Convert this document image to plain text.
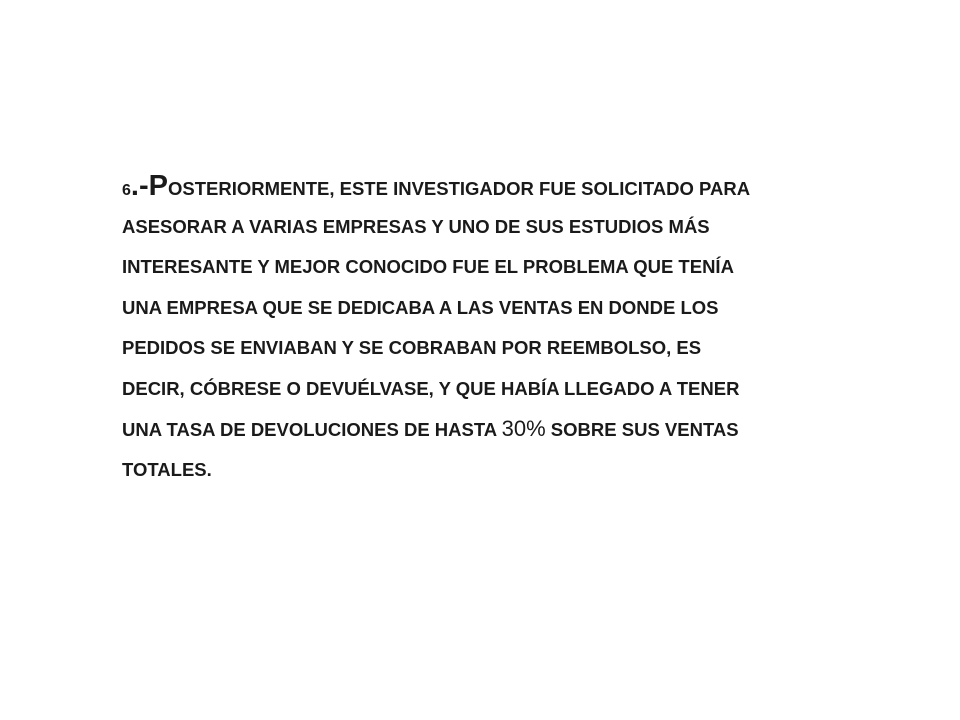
6.-POSTERIORMENTE, ESTE INVESTIGADOR FUE SOLICITADO PARA
ASESORAR A VARIAS EMPRESAS Y UNO DE SUS ESTUDIOS MÁS
INTERESANTE Y MEJOR CONOCIDO FUE EL PROBLEMA QUE TENÍA
UNA EMPRESA QUE SE DEDICABA A LAS VENTAS EN DONDE LOS
PEDIDOS SE ENVIABAN Y SE COBRABAN POR REEMBOLSO, ES
DECIR, CÓBRESE O DEVUÉLVASE, Y QUE HABÍA LLEGADO A TENER
UNA TASA DE DEVOLUCIONES DE HASTA 30% SOBRE SUS VENTAS
TOTALES.
